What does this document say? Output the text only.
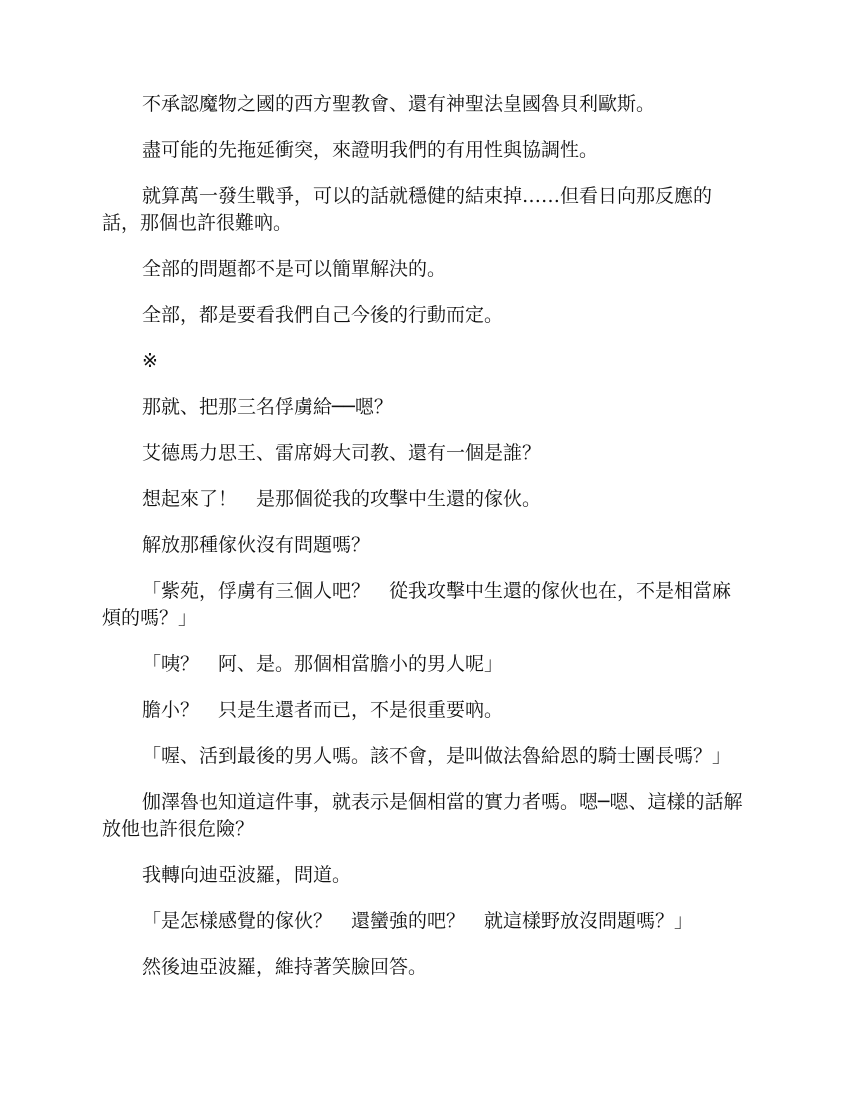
不承認魔物之國的西方聖教會、還有神聖法皇國魯貝利歐斯。

盡可能的先拖延衝突，來證明我們的有用性與協調性。

就算萬一發生戰爭，可以的話就穩健的結束掉……但看日向那反應的話，那個也許很難吶。

全部的問題都不是可以簡單解決的。

全部，都是要看我們自己今後的行動而定。

※

那就、把那三名俘虜給──嗯？

艾德馬力思王、雷席姆大司教、還有一個是誰？

想起來了！　是那個從我的攻擊中生還的傢伙。

解放那種傢伙沒有問題嗎？

「紫苑，俘虜有三個人吧？　從我攻擊中生還的傢伙也在，不是相當麻煩的嗎？」

「咦？　阿、是。那個相當膽小的男人呢」

膽小？　只是生還者而已，不是很重要吶。

「喔、活到最後的男人嗎。該不會，是叫做法魯給恩的騎士團長嗎？」

伽澤魯也知道這件事，就表示是個相當的實力者嗎。嗯─嗯、這樣的話解放他也許很危險？

我轉向迪亞波羅，問道。

「是怎樣感覺的傢伙？　還蠻強的吧？　就這樣野放沒問題嗎？」

然後迪亞波羅，維持著笑臉回答。
